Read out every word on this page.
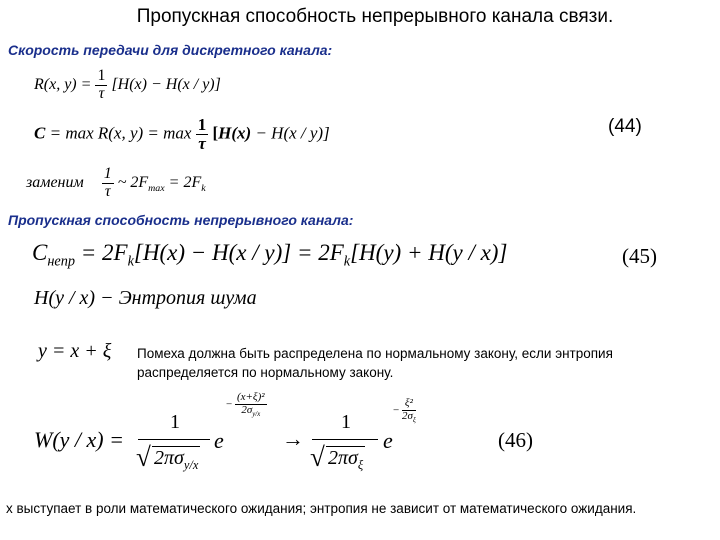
Пропускная способность непрерывного канала связи.
Скорость передачи для дискретного канала:
R(x, $y) = \frac{1}{\tau} [H(x) - H(x / y)]$
C = max R(x, $y) = \max \frac{1}{\tau} [H(x) - H(x / y)]$	(44)
заменим $\frac{1}{\tau}$ ~ $2F_{max} = 2F_k$
Пропускная способность непрерывного канала:
$C_{непр} = 2F_k[H(x) - H(x / y)] = 2F_k[H(y) + H(y / x)]$	(45)
H(y / x) − Энтропия шума
y = x + ξ Помеха должна быть распределена по нормальному закону, если энтропия распределяется по нормальному закону.
W(y / x) =
1
√ $2\pi\sigma_{y/x}$
e
− $\frac{\text{(x+ξ)²}}{2\sigma_{y/x}}$
→
1
√ $2\pi\sigma_\xi$
e
− $\frac{\text{ξ²}}{2\sigma_\xi}$
(46)
x выступает в роли математического ожидания; энтропия не зависит от математического ожидания.
